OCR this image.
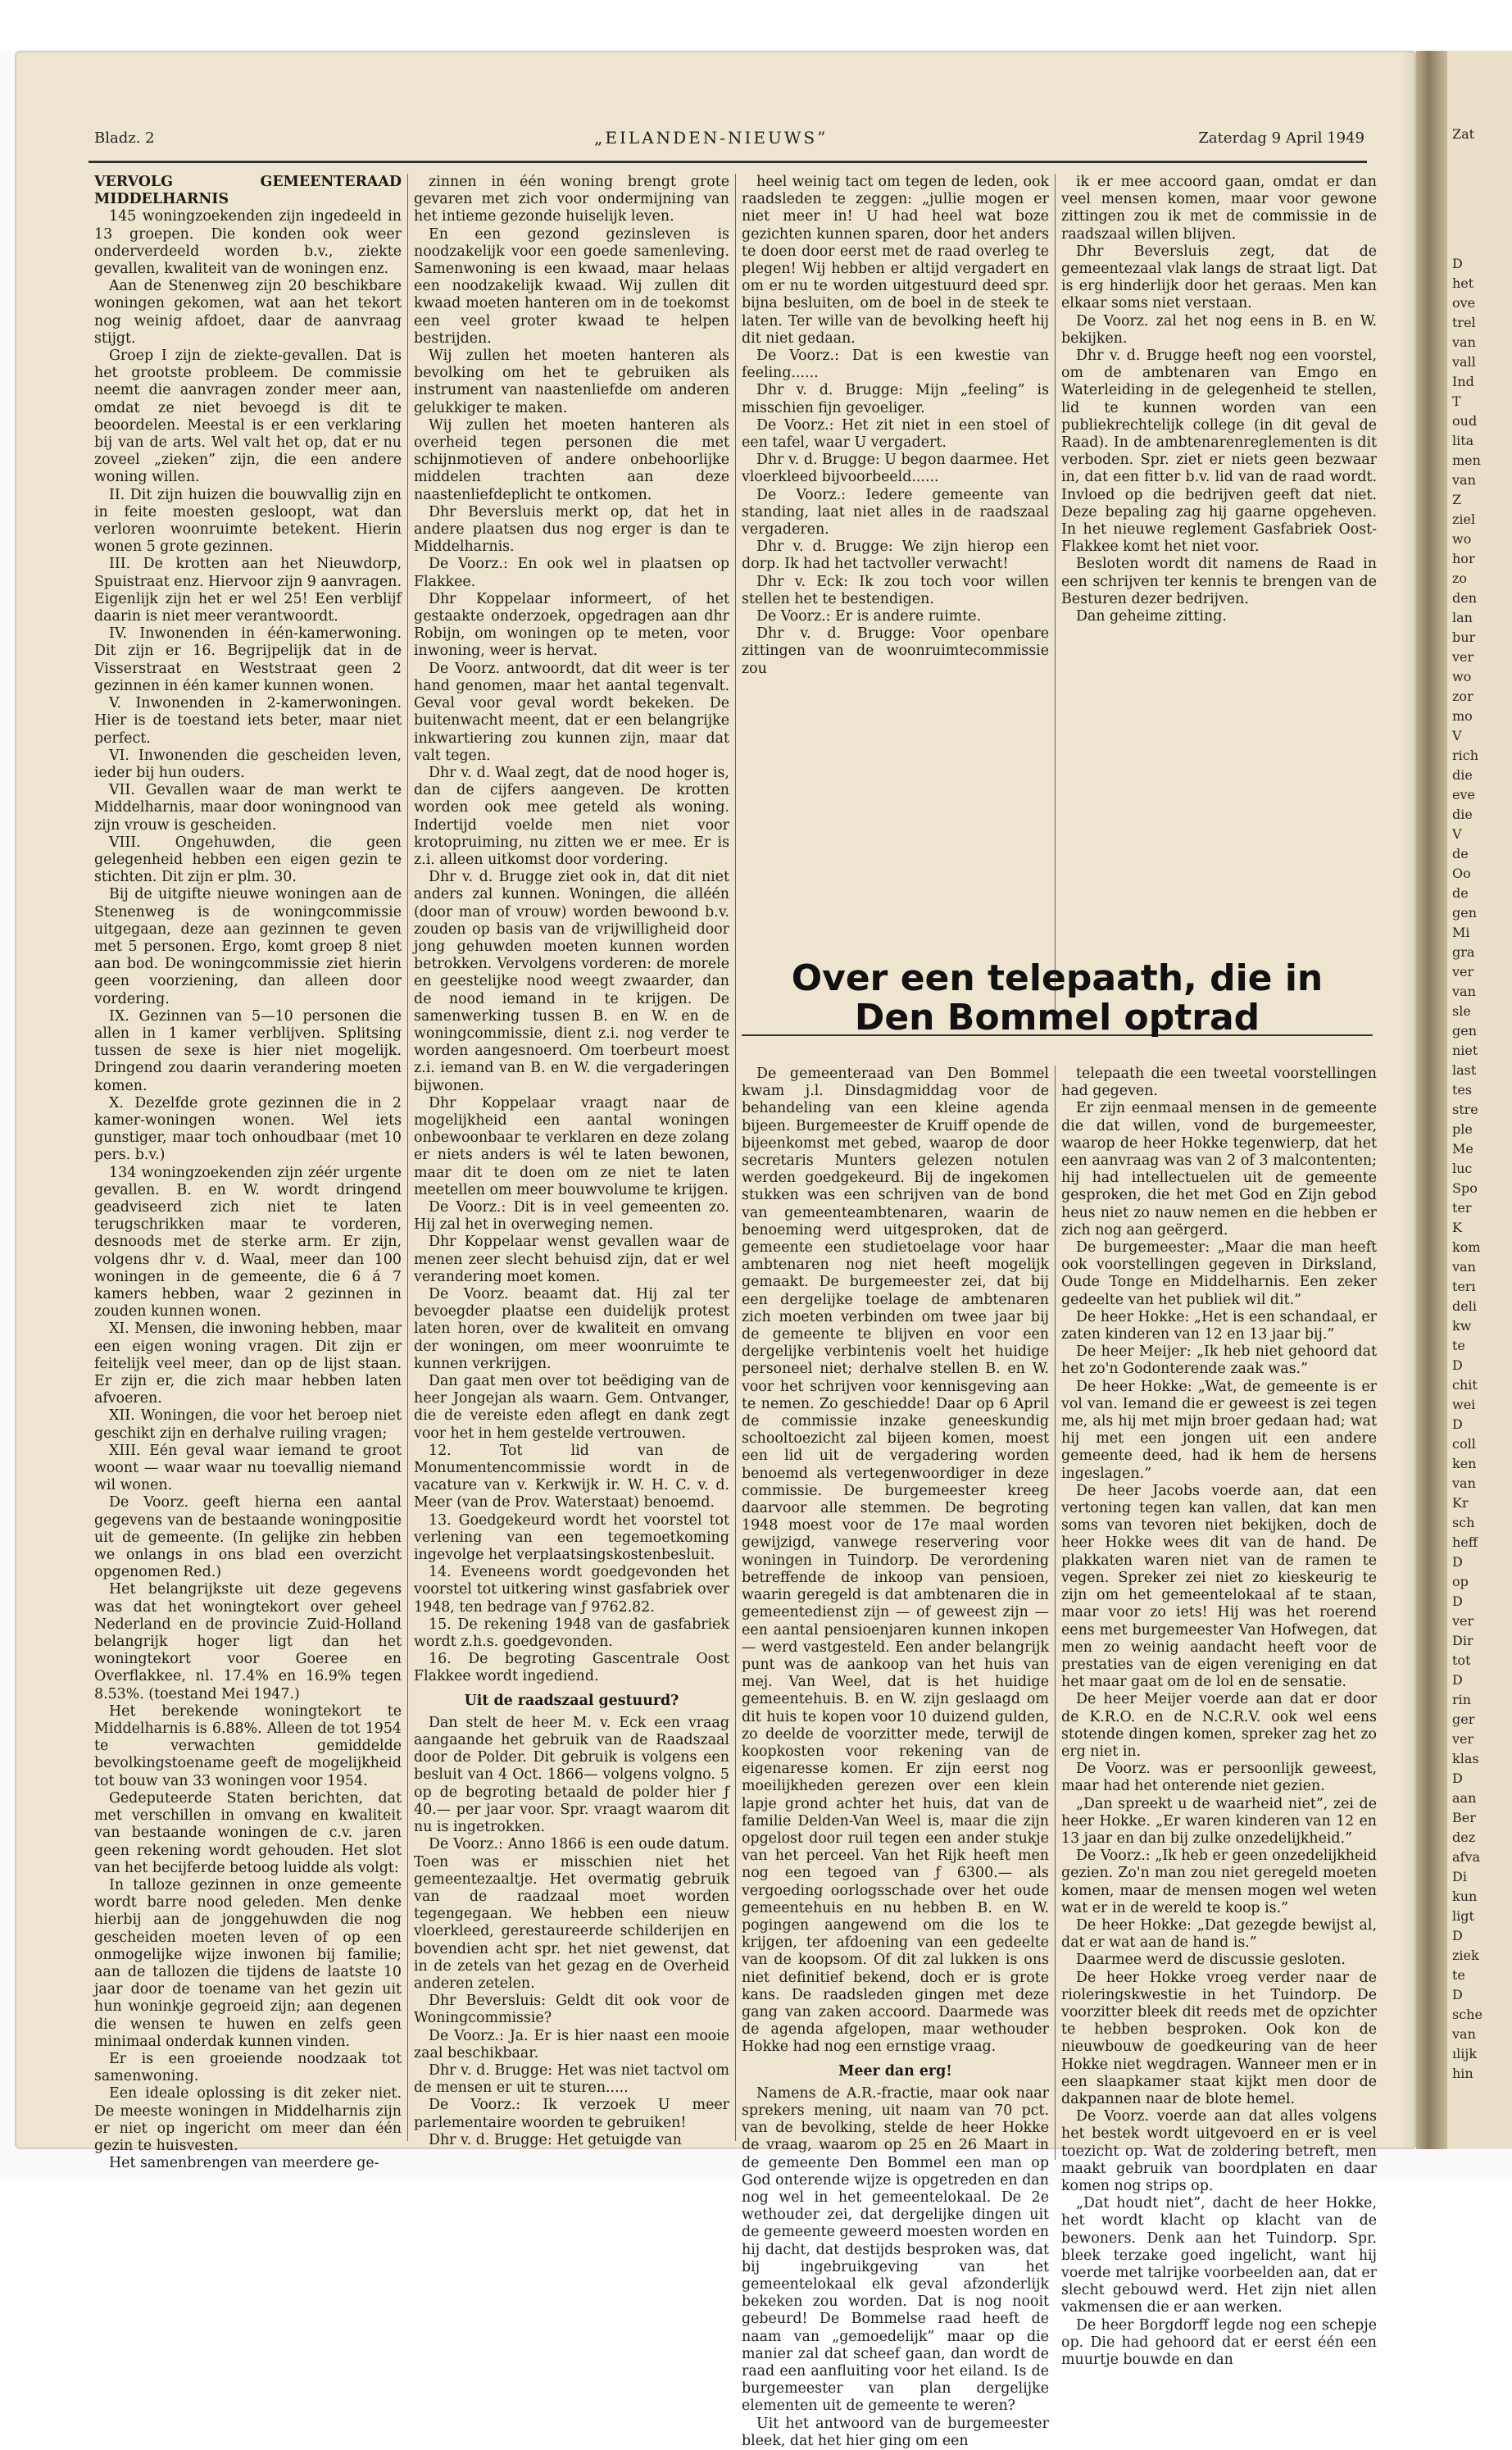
Zat
D
het
ove
trel
van
vall
Ind
T
oud
lita
men
van
Z
ziel
wo
hor
zo
den
lan
bur
ver
wo
zor
mo
V
rich
die
eve
die
V
de
Oo
de
gen
Mi
gra
ver
van
sle
gen
niet
last
tes
stre
ple
Me
luc
Spo
ter
K
kom
van
terı
deli
kw
te
D
chit
wei
D
coll
ken
van
Kr
sch
heff
D
op
D
ver
Dir
tot
D
rin
ger
ver
klas
D
aan
Ber
dez
afva
Di
kun
ligt
D
ziek
te
D
sche
van
ılijk
hin
Bladz. 2	„EILANDEN-NIEUWS”	Zaterdag 9 April 1949

VERVOLG GEMEENTERAAD MIDDELHARNIS

145 woningzoekenden zijn ingedeeld in 13 groepen. Die konden ook weer onderverdeeld worden b.v., ziekte gevallen, kwaliteit van de woningen enz.

Aan de Stenenweg zijn 20 beschikbare woningen gekomen, wat aan het tekort nog weinig afdoet, daar de aanvraag stijgt.

Groep I zijn de ziekte-gevallen. Dat is het grootste probleem. De commissie neemt die aanvragen zonder meer aan, omdat ze niet bevoegd is dit te beoordelen. Meestal is er een verklaring bij van de arts. Wel valt het op, dat er nu zoveel „zieken” zijn, die een andere woning willen.

II. Dit zijn huizen die bouwvallig zijn en in feite moesten gesloopt, wat dan verloren woonruimte betekent. Hierin wonen 5 grote gezinnen.

III. De krotten aan het Nieuwdorp, Spuistraat enz. Hiervoor zijn 9 aanvragen. Eigenlijk zijn het er wel 25! Een verblijf daarin is niet meer verantwoordt.

IV. Inwonenden in één-kamerwoning. Dit zijn er 16. Begrijpelijk dat in de Visserstraat en Weststraat geen 2 gezinnen in één kamer kunnen wonen.

V. Inwonenden in 2-kamerwoningen. Hier is de toestand iets beter, maar niet perfect.

VI. Inwonenden die gescheiden leven, ieder bij hun ouders.

VII. Gevallen waar de man werkt te Middelharnis, maar door woningnood van zijn vrouw is gescheiden.

VIII. Ongehuwden, die geen gelegenheid hebben een eigen gezin te stichten. Dit zijn er plm. 30.

Bij de uitgifte nieuwe woningen aan de Stenenweg is de woningcommissie uitgegaan, deze aan gezinnen te geven met 5 personen. Ergo, komt groep 8 niet aan bod. De woningcommissie ziet hierin geen voorziening, dan alleen door vordering.

IX. Gezinnen van 5—10 personen die allen in 1 kamer verblijven. Splitsing tussen de sexe is hier niet mogelijk. Dringend zou daarin verandering moeten komen.

X. Dezelfde grote gezinnen die in 2 kamer-woningen wonen. Wel iets gunstiger, maar toch onhoudbaar (met 10 pers. b.v.)

134 woningzoekenden zijn zéér urgente gevallen. B. en W. wordt dringend geadviseerd zich niet te laten terugschrikken maar te vorderen, desnoods met de sterke arm. Er zijn, volgens dhr v. d. Waal, meer dan 100 woningen in de gemeente, die 6 á 7 kamers hebben, waar 2 gezinnen in zouden kunnen wonen.

XI. Mensen, die inwoning hebben, maar een eigen woning vragen. Dit zijn er feitelijk veel meer, dan op de lijst staan. Er zijn er, die zich maar hebben laten afvoeren.

XII. Woningen, die voor het beroep niet geschikt zijn en derhalve ruiling vragen;

XIII. Eén geval waar iemand te groot woont — waar waar nu toevallig niemand wil wonen.

De Voorz. geeft hierna een aantal gegevens van de bestaande woningpositie uit de gemeente. (In gelijke zin hebben we onlangs in ons blad een overzicht opgenomen Red.)

Het belangrijkste uit deze gegevens was dat het woningtekort over geheel Nederland en de provincie Zuid-Holland belangrijk hoger ligt dan het woningtekort voor Goeree en Overflakkee, nl. 17.4% en 16.9% tegen 8.53%. (toestand Mei 1947.)

Het berekende woningtekort te Middelharnis is 6.88%. Alleen de tot 1954 te verwachten gemiddelde bevolkingstoename geeft de mogelijkheid tot bouw van 33 woningen voor 1954.

Gedeputeerde Staten berichten, dat met verschillen in omvang en kwaliteit van bestaande woningen de c.v. jaren geen rekening wordt gehouden. Het slot van het becijferde betoog luidde als volgt:

In talloze gezinnen in onze gemeente wordt barre nood geleden. Men denke hierbij aan de jonggehuwden die nog gescheiden moeten leven of op een onmogelijke wijze inwonen bij familie; aan de tallozen die tijdens de laatste 10 jaar door de toename van het gezin uit hun woninkje gegroeid zijn; aan degenen die wensen te huwen en zelfs geen minimaal onderdak kunnen vinden.

Er is een groeiende noodzaak tot samenwoning.

Een ideale oplossing is dit zeker niet. De meeste woningen in Middelharnis zijn er niet op ingericht om meer dan één gezin te huisvesten.

Het samenbrengen van meerdere ge-

zinnen in één woning brengt grote gevaren met zich voor ondermijning van het intieme gezonde huiselijk leven.

En een gezond gezinsleven is noodzakelijk voor een goede samenleving. Samenwoning is een kwaad, maar helaas een noodzakelijk kwaad. Wij zullen dit kwaad moeten hanteren om in de toekomst een veel groter kwaad te helpen bestrijden.

Wij zullen het moeten hanteren als bevolking om het te gebruiken als instrument van naastenliefde om anderen gelukkiger te maken.

Wij zullen het moeten hanteren als overheid tegen personen die met schijnmotieven of andere onbehoorlijke middelen trachten aan deze naastenliefdeplicht te ontkomen.

Dhr Beversluis merkt op, dat het in andere plaatsen dus nog erger is dan te Middelharnis.

De Voorz.: En ook wel in plaatsen op Flakkee.

Dhr Koppelaar informeert, of het gestaakte onderzoek, opgedragen aan dhr Robijn, om woningen op te meten, voor inwoning, weer is hervat.

De Voorz. antwoordt, dat dit weer is ter hand genomen, maar het aantal tegenvalt. Geval voor geval wordt bekeken. De buitenwacht meent, dat er een belangrijke inkwartiering zou kunnen zijn, maar dat valt tegen.

Dhr v. d. Waal zegt, dat de nood hoger is, dan de cijfers aangeven. De krotten worden ook mee geteld als woning. Indertijd voelde men niet voor krotopruiming, nu zitten we er mee. Er is z.i. alleen uitkomst door vordering.

Dhr v. d. Brugge ziet ook in, dat dit niet anders zal kunnen. Woningen, die alléén (door man of vrouw) worden bewoond b.v. zouden op basis van de vrijwilligheid door jong gehuwden moeten kunnen worden betrokken. Vervolgens vorderen: de morele en geestelijke nood weegt zwaarder, dan de nood iemand in te krijgen. De samenwerking tussen B. en W. en de woningcommissie, dient z.i. nog verder te worden aangesnoerd. Om toerbeurt moest z.i. iemand van B. en W. die vergaderingen bijwonen.

Dhr Koppelaar vraagt naar de mogelijkheid een aantal woningen onbewoonbaar te verklaren en deze zolang er niets anders is wél te laten bewonen, maar dit te doen om ze niet te laten meetellen om meer bouwvolume te krijgen.

De Voorz.: Dit is in veel gemeenten zo. Hij zal het in overweging nemen.

Dhr Koppelaar wenst gevallen waar de menen zeer slecht behuisd zijn, dat er wel verandering moet komen.

De Voorz. beaamt dat. Hij zal ter bevoegder plaatse een duidelijk protest laten horen, over de kwaliteit en omvang der woningen, om meer woonruimte te kunnen verkrijgen.

Dan gaat men over tot beëdiging van de heer Jongejan als waarn. Gem. Ontvanger, die de vereiste eden aflegt en dank zegt voor het in hem gestelde vertrouwen.

12. Tot lid van de Monumentencommissie wordt in de vacature van v. Kerkwijk ir. W. H. C. v. d. Meer (van de Prov. Waterstaat) benoemd.

13. Goedgekeurd wordt het voorstel tot verlening van een tegemoetkoming ingevolge het verplaatsingskostenbesluit.

14. Eveneens wordt goedgevonden het voorstel tot uitkering winst gasfabriek over 1948, ten bedrage van ƒ 9762.82.

15. De rekening 1948 van de gasfabriek wordt z.h.s. goedgevonden.

16. De begroting Gascentrale Oost Flakkee wordt ingediend.

Uit de raadszaal gestuurd?

Dan stelt de heer M. v. Eck een vraag aangaande het gebruik van de Raadszaal door de Polder. Dit gebruik is volgens een besluit van 4 Oct. 1866— volgens volgno. 5 op de begroting betaald de polder hier ƒ 40.— per jaar voor. Spr. vraagt waarom dit nu is ingetrokken.

De Voorz.: Anno 1866 is een oude datum. Toen was er misschien niet het gemeentezaaltje. Het overmatig gebruik van de raadzaal moet worden tegengegaan. We hebben een nieuw vloerkleed, gerestaureerde schilderijen en bovendien acht spr. het niet gewenst, dat in de zetels van het gezag en de Overheid anderen zetelen.

Dhr Beversluis: Geldt dit ook voor de Woningcommissie?

De Voorz.: Ja. Er is hier naast een mooie zaal beschikbaar.

Dhr v. d. Brugge: Het was niet tactvol om de mensen er uit te sturen.....

De Voorz.: Ik verzoek U meer parlementaire woorden te gebruiken!

Dhr v. d. Brugge: Het getuigde van

heel weinig tact om tegen de leden, ook raadsleden te zeggen: „jullie mogen er niet meer in! U had heel wat boze gezichten kunnen sparen, door het anders te doen door eerst met de raad overleg te plegen! Wij hebben er altijd vergadert en om er nu te worden uitgestuurd deed spr. bijna besluiten, om de boel in de steek te laten. Ter wille van de bevolking heeft hij dit niet gedaan.

De Voorz.: Dat is een kwestie van feeling......

Dhr v. d. Brugge: Mijn „feeling” is misschien fijn gevoeliger.

De Voorz.: Het zit niet in een stoel of een tafel, waar U vergadert.

Dhr v. d. Brugge: U begon daarmee. Het vloerkleed bijvoorbeeld......

De Voorz.: Iedere gemeente van standing, laat niet alles in de raadszaal vergaderen.

Dhr v. d. Brugge: We zijn hierop een dorp. Ik had het tactvoller verwacht!

Dhr v. Eck: Ik zou toch voor willen stellen het te bestendigen.

De Voorz.: Er is andere ruimte.

Dhr v. d. Brugge: Voor openbare zittingen van de woonruimtecommissie zou

ik er mee accoord gaan, omdat er dan veel mensen komen, maar voor gewone zittingen zou ik met de commissie in de raadszaal willen blijven.

Dhr Beversluis zegt, dat de gemeentezaal vlak langs de straat ligt. Dat is erg hinderlijk door het geraas. Men kan elkaar soms niet verstaan.

De Voorz. zal het nog eens in B. en W. bekijken.

Dhr v. d. Brugge heeft nog een voorstel, om de ambtenaren van Emgo en Waterleiding in de gelegenheid te stellen, lid te kunnen worden van een publiekrechtelijk college (in dit geval de Raad). In de ambtenarenreglementen is dit verboden. Spr. ziet er niets geen bezwaar in, dat een fitter b.v. lid van de raad wordt. Invloed op die bedrijven geeft dat niet. Deze bepaling zag hij gaarne opgeheven. In het nieuwe reglement Gasfabriek Oost-Flakkee komt het niet voor.

Besloten wordt dit namens de Raad in een schrijven ter kennis te brengen van de Besturen dezer bedrijven.

Dan geheime zitting.

Over een telepaath, die in
Den Bommel optrad

De gemeenteraad van Den Bommel kwam j.l. Dinsdagmiddag voor de behandeling van een kleine agenda bijeen. Burgemeester de Kruiff opende de bijeenkomst met gebed, waarop de door secretaris Munters gelezen notulen werden goedgekeurd. Bij de ingekomen stukken was een schrijven van de bond van gemeenteambtenaren, waarin de benoeming werd uitgesproken, dat de gemeente een studietoelage voor haar ambtenaren nog niet heeft mogelijk gemaakt. De burgemeester zei, dat bij een dergelijke toelage de ambtenaren zich moeten verbinden om twee jaar bij de gemeente te blijven en voor een dergelijke verbintenis voelt het huidige personeel niet; derhalve stellen B. en W. voor het schrijven voor kennisgeving aan te nemen. Zo geschiedde! Daar op 6 April de commissie inzake geneeskundig schooltoezicht zal bijeen komen, moest een lid uit de vergadering worden benoemd als vertegenwoordiger in deze commissie. De burgemeester kreeg daarvoor alle stemmen. De begroting 1948 moest voor de 17e maal worden gewijzigd, vanwege reservering voor woningen in Tuindorp. De verordening betreffende de inkoop van pensioen, waarin geregeld is dat ambtenaren die in gemeentedienst zijn — of geweest zijn — een aantal pensioenjaren kunnen inkopen — werd vastgesteld. Een ander belangrijk punt was de aankoop van het huis van mej. Van Weel, dat is het huidige gemeentehuis. B. en W. zijn geslaagd om dit huis te kopen voor 10 duizend gulden, zo deelde de voorzitter mede, terwijl de koopkosten voor rekening van de eigenaresse komen. Er zijn eerst nog moeilijkheden gerezen over een klein lapje grond achter het huis, dat van de familie Delden-Van Weel is, maar die zijn opgelost door ruil tegen een ander stukje van het perceel. Van het Rijk heeft men nog een tegoed van ƒ 6300.— als vergoeding oorlogsschade over het oude gemeentehuis en nu hebben B. en W. pogingen aangewend om die los te krijgen, ter afdoening van een gedeelte van de koopsom. Of dit zal lukken is ons niet definitief bekend, doch er is grote kans. De raadsleden gingen met deze gang van zaken accoord. Daarmede was de agenda afgelopen, maar wethouder Hokke had nog een ernstige vraag.

Meer dan erg!

Namens de A.R.-fractie, maar ook naar sprekers mening, uit naam van 70 pct. van de bevolking, stelde de heer Hokke de vraag, waarom op 25 en 26 Maart in de gemeente Den Bommel een man op God onterende wijze is opgetreden en dan nog wel in het gemeentelokaal. De 2e wethouder zei, dat dergelijke dingen uit de gemeente geweerd moesten worden en hij dacht, dat destijds besproken was, dat bij ingebruikgeving van het gemeentelokaal elk geval afzonderlijk bekeken zou worden. Dat is nog nooit gebeurd! De Bommelse raad heeft de naam van „gemoedelijk” maar op die manier zal dat scheef gaan, dan wordt de raad een aanfluiting voor het eiland. Is de burgemeester van plan dergelijke elementen uit de gemeente te weren?

Uit het antwoord van de burgemeester bleek, dat het hier ging om een

telepaath die een tweetal voorstellingen had gegeven.

Er zijn eenmaal mensen in de gemeente die dat willen, vond de burgemeester, waarop de heer Hokke tegenwierp, dat het een aanvraag was van 2 of 3 malcontenten; hij had intellectuelen uit de gemeente gesproken, die het met God en Zijn gebod heus niet zo nauw nemen en die hebben er zich nog aan geërgerd.

De burgemeester: „Maar die man heeft ook voorstellingen gegeven in Dirksland, Oude Tonge en Middelharnis. Een zeker gedeelte van het publiek wil dit.”

De heer Hokke: „Het is een schandaal, er zaten kinderen van 12 en 13 jaar bij.”

De heer Meijer: „Ik heb niet gehoord dat het zo'n Godonterende zaak was.”

De heer Hokke: „Wat, de gemeente is er vol van. Iemand die er geweest is zei tegen me, als hij met mijn broer gedaan had; wat hij met een jongen uit een andere gemeente deed, had ik hem de hersens ingeslagen.”

De heer Jacobs voerde aan, dat een vertoning tegen kan vallen, dat kan men soms van tevoren niet bekijken, doch de heer Hokke wees dit van de hand. De plakkaten waren niet van de ramen te vegen. Spreker zei niet zo kieskeurig te zijn om het gemeentelokaal af te staan, maar voor zo iets! Hij was het roerend eens met burgemeester Van Hofwegen, dat men zo weinig aandacht heeft voor de prestaties van de eigen vereniging en dat het maar gaat om de lol en de sensatie.

De heer Meijer voerde aan dat er door de K.R.O. en de N.C.R.V. ook wel eens stotende dingen komen, spreker zag het zo erg niet in.

De Voorz. was er persoonlijk geweest, maar had het onterende niet gezien.

„Dan spreekt u de waarheid niet”, zei de heer Hokke. „Er waren kinderen van 12 en 13 jaar en dan bij zulke onzedelijkheid.”

De Voorz.: „Ik heb er geen onzedelijkheid gezien. Zo'n man zou niet geregeld moeten komen, maar de mensen mogen wel weten wat er in de wereld te koop is.”

De heer Hokke: „Dat gezegde bewijst al, dat er wat aan de hand is.”

Daarmee werd de discussie gesloten.

De heer Hokke vroeg verder naar de rioleringskwestie in het Tuindorp. De voorzitter bleek dit reeds met de opzichter te hebben besproken. Ook kon de nieuwbouw de goedkeuring van de heer Hokke niet wegdragen. Wanneer men er in een slaapkamer staat kijkt men door de dakpannen naar de blote hemel.

De Voorz. voerde aan dat alles volgens het bestek wordt uitgevoerd en er is veel toezicht op. Wat de zoldering betreft, men maakt gebruik van boordplaten en daar komen nog strips op.

„Dat houdt niet”, dacht de heer Hokke, het wordt klacht op klacht van de bewoners. Denk aan het Tuindorp. Spr. bleek terzake goed ingelicht, want hij voerde met talrijke voorbeelden aan, dat er slecht gebouwd werd. Het zijn niet allen vakmensen die er aan werken.

De heer Borgdorff legde nog een schepje op. Die had gehoord dat er eerst één een muurtje bouwde en dan
